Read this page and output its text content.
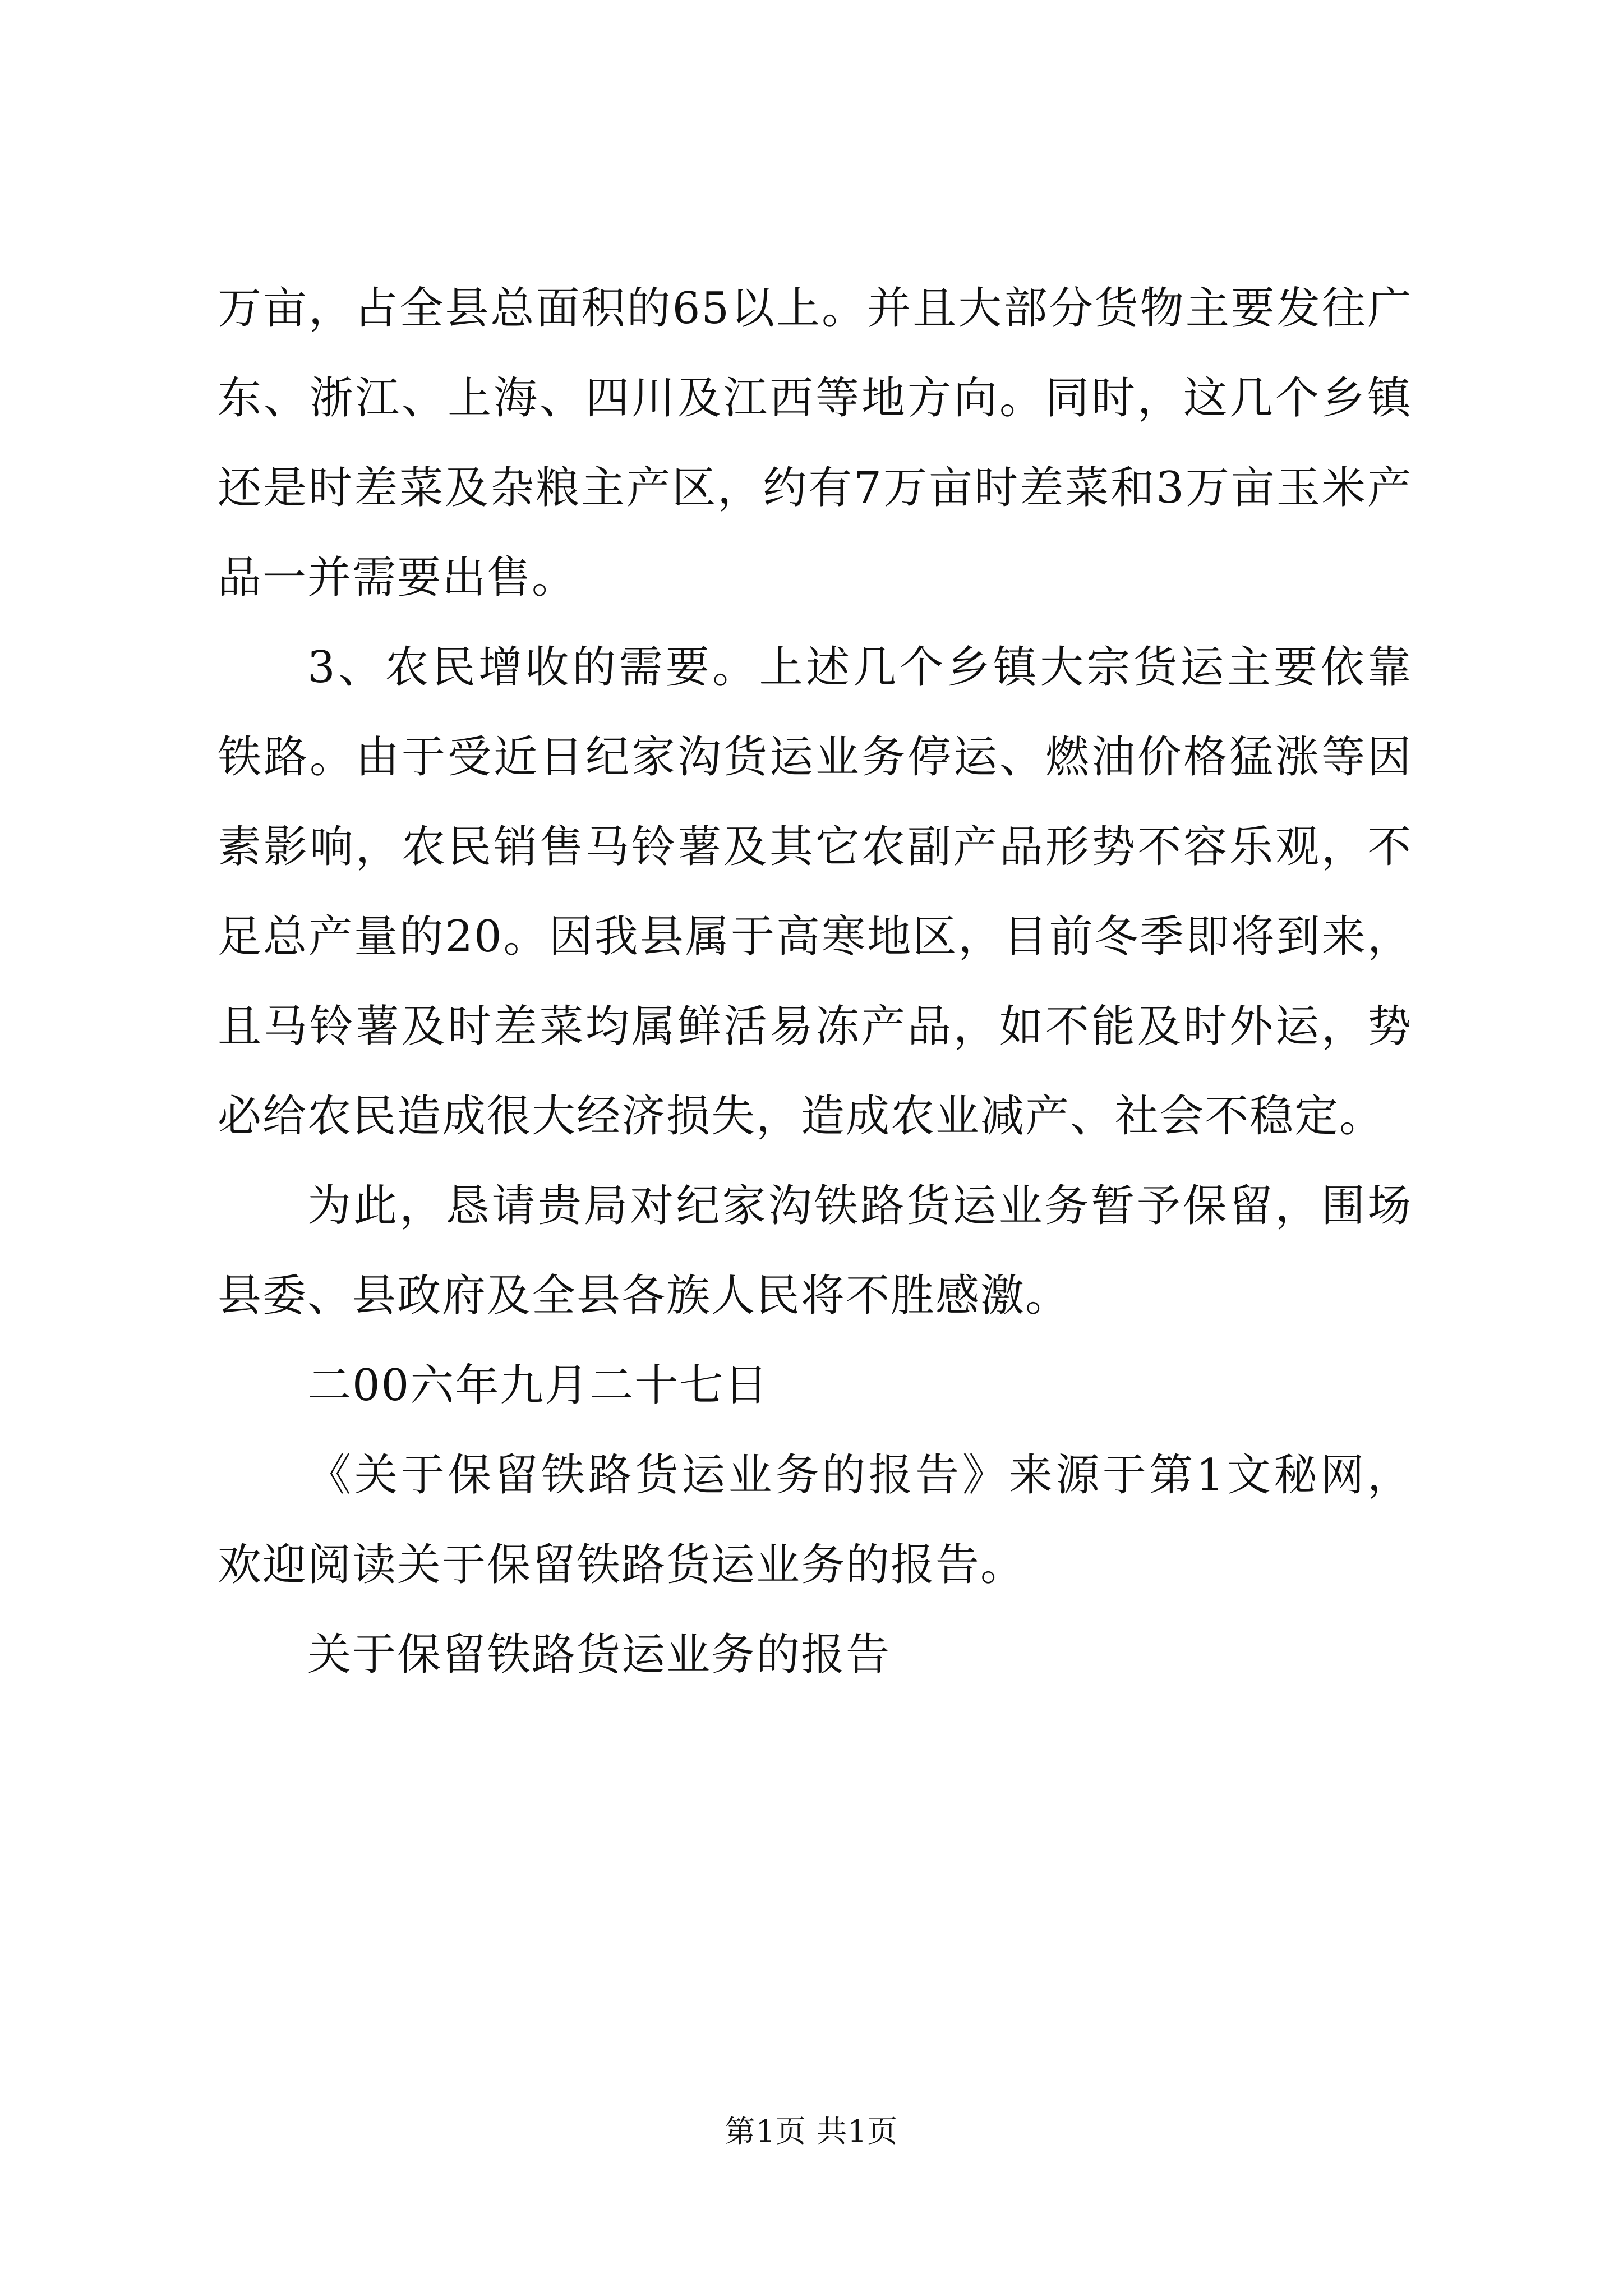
万亩，占全县总面积的65以上。并且大部分货物主要发往广东、浙江、上海、四川及江西等地方向。同时，这几个乡镇还是时差菜及杂粮主产区，约有7万亩时差菜和3万亩玉米产品一并需要出售。

3、农民增收的需要。上述几个乡镇大宗货运主要依靠铁路。由于受近日纪家沟货运业务停运、燃油价格猛涨等因素影响，农民销售马铃薯及其它农副产品形势不容乐观，不足总产量的20。因我县属于高寒地区，目前冬季即将到来，且马铃薯及时差菜均属鲜活易冻产品，如不能及时外运，势必给农民造成很大经济损失，造成农业减产、社会不稳定。

为此，恳请贵局对纪家沟铁路货运业务暂予保留，围场县委、县政府及全县各族人民将不胜感激。

二00六年九月二十七日

《关于保留铁路货运业务的报告》来源于第1文秘网，欢迎阅读关于保留铁路货运业务的报告。

关于保留铁路货运业务的报告

第1页 共1页
